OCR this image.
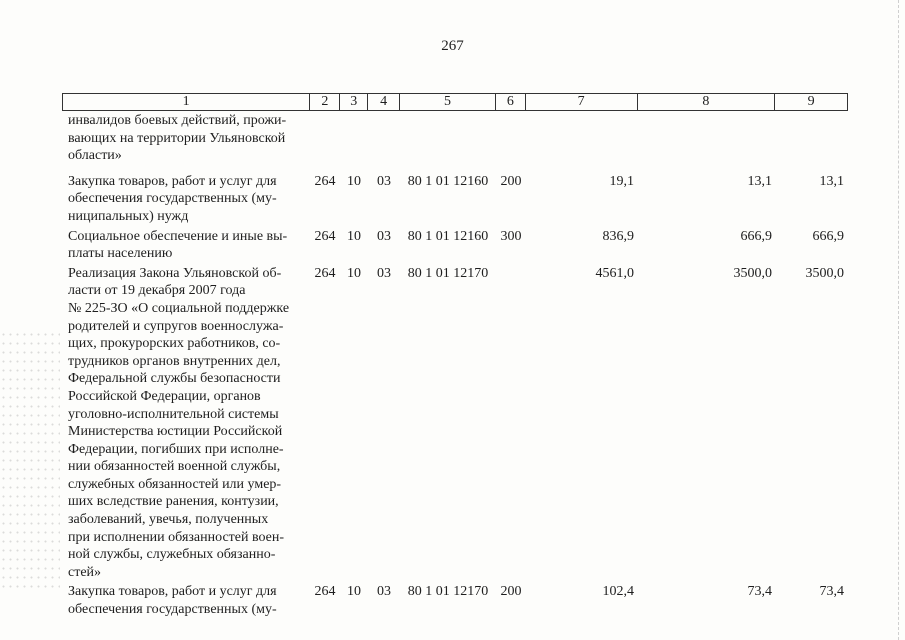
267
1	2	3	4	5	6	7	8	9
инвалидов боевых действий, прожи-
вающих на территории Ульяновской
области»
Закупка товаров, работ и услуг для
обеспечения государственных (му-
ниципальных) нужд
264 10	03	80 1 01 12160 200	19,1	13,1	13,1
Социальное обеспечение и иные вы-
платы населению
264 10	03	80 1 01 12160 300	836,9	666,9	666,9
Реализация Закона Ульяновской об-
ласти от 19 декабря 2007 года
№ 225-ЗО «О социальной поддержке
родителей и супругов военнослужа-
щих, прокурорских работников, со-
трудников органов внутренних дел,
Федеральной службы безопасности
Российской Федерации, органов
уголовно-исполнительной системы
Министерства юстиции Российской
Федерации, погибших при исполне-
нии обязанностей военной службы,
служебных обязанностей или умер-
ших вследствие ранения, контузии,
заболеваний, увечья, полученных
при исполнении обязанностей воен-
ной службы, служебных обязанно-
стей»
264 10	03	80 1 01 12170	4561,0	3500,0	3500,0
Закупка товаров, работ и услуг для
обеспечения государственных (му-
264 10	03	80 1 01 12170 200	102,4	73,4	73,4
